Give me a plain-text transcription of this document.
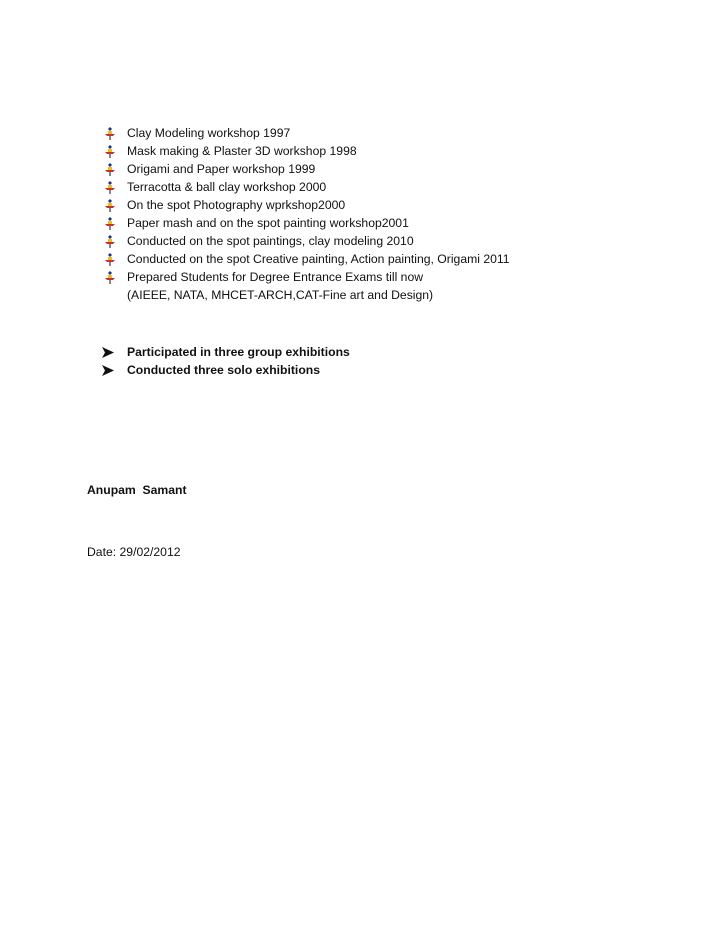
Clay Modeling workshop 1997
Mask making & Plaster 3D workshop 1998
Origami and Paper workshop 1999
Terracotta & ball clay workshop 2000
On the spot Photography wprkshop2000
Paper mash and on the spot painting workshop2001
Conducted on the spot paintings, clay modeling 2010
Conducted on the spot Creative painting, Action painting, Origami 2011
Prepared Students for Degree Entrance Exams till now
(AIEEE, NATA, MHCET-ARCH,CAT-Fine art and Design)
Participated in three group exhibitions
Conducted three solo exhibitions
Anupam  Samant
Date: 29/02/2012
